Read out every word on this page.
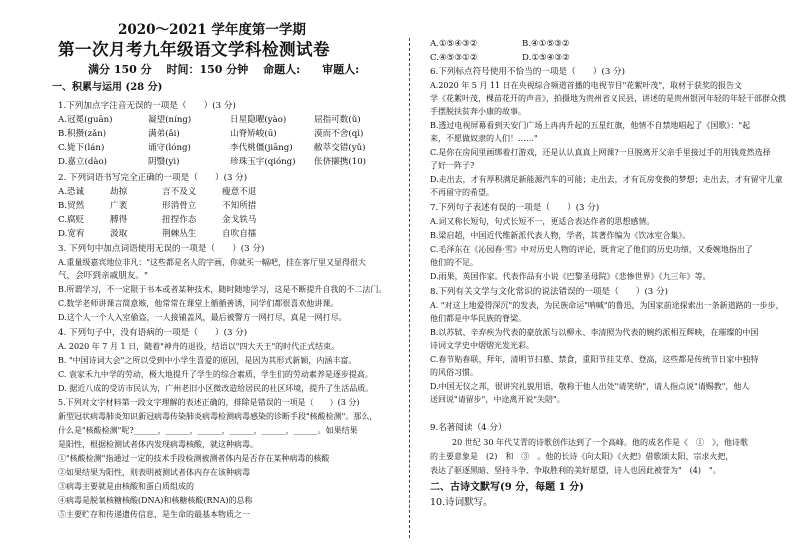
2020～2021 学年度第一学期
第一次月考九年级语文学科检测试卷
满分 150 分　 时间：150 分钟　 命题人:　　审题人:
一、积累与运用 (28 分)
1.下列加点字注音无误的一项是（　　）(3 分)
A.冠冕(guān)	凝望(níng)	日星隐曜(yào)	屈指可数(ǔ)
B.积攒(zǎn)	满弟(ǎi)	山脊矫峻(ū)	漠而不舍(qì)
C.毙下(lán)	诵守(lóng)	李代桃僵(jiāng) 敝萃交错(yǔ)
D.嘉立(dào)	阴翳(yì)	珍珠玉宇(qióng) 伥侪撷携(10)
2. 下列词语书写完全正确的一项是（　　）(3 分)
A.恐诚	劫掠	言不及义	瘦意不退
B.贸然	广袤	形消骨立	不知所措
C.腐贬	膊得	扭捏作态	金戈铁马
D.宽宥	汲取	荆棘丛生	自吹自擂
3. 下列句中加点词语使用无误的一项是（　　）(3 分)
A.重量级嘉宾地位非凡："这些都是名人的字画，你就买一幅吧，挂在客厅里又显得很大
气，会吓到亲戚朋友。"
B.所谓学习，不一定限于书本或者某种技术，随时随地学习，这是不断提升自我的不二法门。
C.数学老师讲课言简意赅，他常常在课堂上循循善诱，同学们都很喜欢他讲课。
D.这个人一个人入室偷盗，一人接铺盖风，最后被警方一网打尽，真是一网打尽。
4. 下列句子中，没有语病的一项是（　　）(3 分)
A. 2020 年 7 月 1 日，随着"神舟的退役，结语以"四大天王"的时代正式结束。
B. "中国诗词大会"之所以受到中小学生喜爱的原因，是因为其形式新颖，内涵丰富。
C. 袁家禾九中学的劳动，极大地提升了学生的综合素质，学生们的劳动素养是逐步提高。
D. 据近八成的受访市民认为，广州老旧小区微改造给居民的社区环境，提升了生活品质。
5.下列对文字材料第一段文字理解的表述正确的，排除是错误的一项是（　　）(3 分)
新型冠状病毒肺炎知识新冠病毒传染肺炎病毒检测病毒感染的诊断手段"核酸检测"。那么，
什么是"核酸检测"呢?______，______，______，______，______，______。如果结果
是阳性，根据检测试者体内发现病毒核酸，就这种病毒。
①"核酸检测"指通过一定的技术手段检测被测者体内是否存在某种病毒的核酸
②如果结果为阳性，则表明被测试者体内存在该种病毒
③病毒主要就是由核酸和蛋白质组成的
④病毒是脱氧核糖核酸(DNA)和核糖核酸(RNA)的总称
⑤主要贮存和传递遗传信息，是生命的最基本物质之一
A.①⑤④③②	B.④①⑤③②
C.④⑤③①②	D.①⑤④③②
6.下列标点符号使用不恰当的一项是（　　）(3 分)
A.2020 年 5 月 11 日在央视综合频道首播的电视节目"花絮叶茂"，取材于获奖的报告文
学《花絮叶茂，棵苗花开的声音》，拍摄地为贵州省义民县，讲述的是贵州银河年轻的年轻干部群众携
手摆脱扶贫奔小康的故事。
B.透过电视屏幕看到天安门广场上冉冉升起的五星红旗，他情不自禁地唱起了《国歌》："起
来，不愿做奴隶的人们！……"
C.是你在房间里画绑着打游戏，还是认认真真上网课?一旦脱离开父亲手里接过手的用钱竟然选择
了好一阵子?
D.走出去，才有厚积满足新能源汽车的可能；走出去，才有瓦房变换的梦想；走出去，才有留守儿童
不再留守的希望。
7.下列句子表述有误的一项是（　　）(3 分)
A.词又称长短句，句式长短不一，更适合表达作者的思想感情。
B.梁启超，中国近代维新派代表人物，学者，其著作编为《饮冰室合集》。
C.毛泽东在《沁园春·雪》中对历史人物的评论，既肯定了他们的历史功绩，又委婉地指出了
他们的不足。
D.雨果，英国作家。代表作品有小说《巴黎圣母院》《悲惨世界》《九三年》等。
8.下列有关文学与文化常识的说法错误的一项是（　　）(3 分)
A. "对这上地爱得深沉"的发表，为民族命运"呐喊"的鲁迅，为国家前途探索出一条新道路的一步步，
他们都是中华民族的脊梁。
B.以苏轼、辛弃疾为代表的豪放派与以柳永、李清照为代表的婉约派相互辉映，在璀璨的中国
诗词文学史中熠熠光发光彩。
C.春节贴春联、拜年，清明节扫墓、禁食，重阳节挂艾草、登高，这些都是传统节日家中独特
的风俗习惯。
D.中国无仪之邦，很讲究礼貌用语，敬称于他人出处"请笑纳"，请人指点说"请赐教"，他人
送回说"请留步"，中途离开说"失陪"。
9.名著阅读（4 分）
20 世纪 30 年代艾青的诗歌创作达到了一个高峰。他的成名作是《　①　》，他诗歌
的主要意象是　(2)　和　③　。他的长诗《向太阳》《火把》借歌颂太阳、宗求火把，
表达了驱逐黑暗、坚持斗争、争取胜利的美好愿望，诗人也因此被誉为"　(4)　"。
二、古诗文默写(9 分，每题 1 分)
10.诗词默写。
